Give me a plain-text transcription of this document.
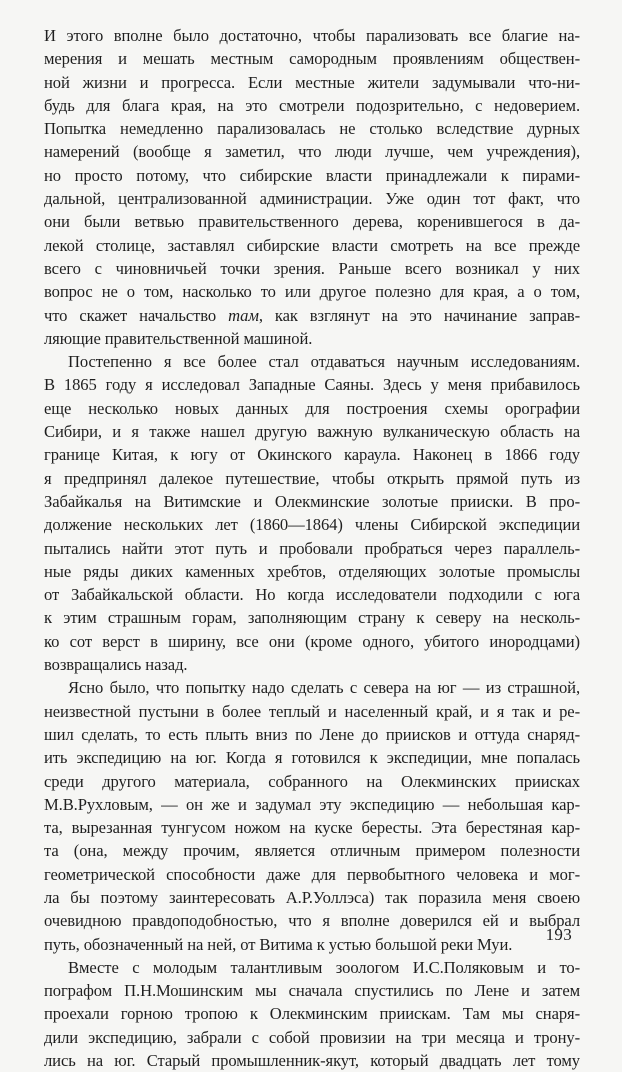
И этого вполне было достаточно, чтобы парализовать все благие на-
мерения и мешать местным самородным проявлениям обществен-
ной жизни и прогресса. Если местные жители задумывали что-ни-
будь для блага края, на это смотрели подозрительно, с недоверием.
Попытка немедленно парализовалась не столько вследствие дурных
намерений (вообще я заметил, что люди лучше, чем учреждения),
но просто потому, что сибирские власти принадлежали к пирами-
дальной, централизованной администрации. Уже один тот факт, что
они были ветвью правительственного дерева, коренившегося в да-
лекой столице, заставлял сибирские власти смотреть на все прежде
всего с чиновничьей точки зрения. Раньше всего возникал у них
вопрос не о том, насколько то или другое полезно для края, а о том,
что скажет начальство там, как взглянут на это начинание заправ-
ляющие правительственной машиной.
Постепенно я все более стал отдаваться научным исследованиям.
В 1865 году я исследовал Западные Саяны. Здесь у меня прибавилось
еще несколько новых данных для построения схемы орографии
Сибири, и я также нашел другую важную вулканическую область на
границе Китая, к югу от Окинского караула. Наконец в 1866 году
я предпринял далекое путешествие, чтобы открыть прямой путь из
Забайкалья на Витимские и Олекминские золотые прииски. В про-
должение нескольких лет (1860—1864) члены Сибирской экспедиции
пытались найти этот путь и пробовали пробраться через параллель-
ные ряды диких каменных хребтов, отделяющих золотые промыслы
от Забайкальской области. Но когда исследователи подходили с юга
к этим страшным горам, заполняющим страну к северу на несколь-
ко сот верст в ширину, все они (кроме одного, убитого инородцами)
возвращались назад.
Ясно было, что попытку надо сделать с севера на юг — из страшной,
неизвестной пустыни в более теплый и населенный край, и я так и ре-
шил сделать, то есть плыть вниз по Лене до приисков и оттуда снаряд-
ить экспедицию на юг. Когда я готовился к экспедиции, мне попалась
среди другого материала, собранного на Олекминских приисках
М.В.Рухловым, — он же и задумал эту экспедицию — небольшая кар-
та, вырезанная тунгусом ножом на куске бересты. Эта берестяная кар-
та (она, между прочим, является отличным примером полезности
геометрической способности даже для первобытного человека и мог-
ла бы поэтому заинтересовать А.Р.Уоллэса) так поразила меня своею
очевидною правдоподобностью, что я вполне доверился ей и выбрал
путь, обозначенный на ней, от Витима к устью большой реки Муи.
Вместе с молодым талантливым зоологом И.С.Поляковым и то-
пографом П.Н.Мошинским мы сначала спустились по Лене и затем
проехали горною тропою к Олекминским приискам. Там мы снаря-
дили экспедицию, забрали с собой провизии на три месяца и трону-
лись на юг. Старый промышленник-якут, который двадцать лет тому
193
